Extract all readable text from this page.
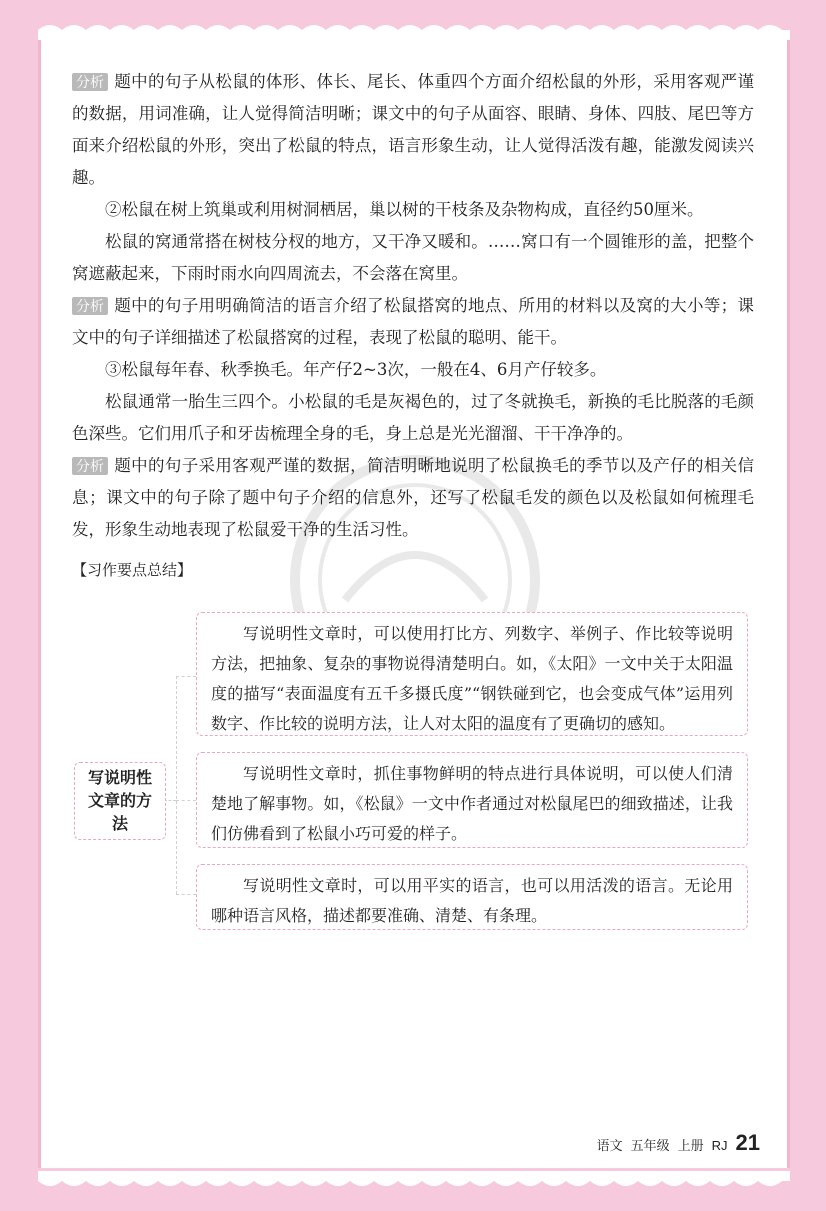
分析 题中的句子从松鼠的体形、体长、尾长、体重四个方面介绍松鼠的外形，采用客观严谨的数据，用词准确，让人觉得简洁明晰；课文中的句子从面容、眼睛、身体、四肢、尾巴等方面来介绍松鼠的外形，突出了松鼠的特点，语言形象生动，让人觉得活泼有趣，能激发阅读兴趣。

②松鼠在树上筑巢或利用树洞栖居，巢以树的干枝条及杂物构成，直径约50厘米。

松鼠的窝通常搭在树枝分杈的地方，又干净又暖和。……窝口有一个圆锥形的盖，把整个窝遮蔽起来，下雨时雨水向四周流去，不会落在窝里。

分析 题中的句子用明确简洁的语言介绍了松鼠搭窝的地点、所用的材料以及窝的大小等；课文中的句子详细描述了松鼠搭窝的过程，表现了松鼠的聪明、能干。

③松鼠每年春、秋季换毛。年产仔2~3次，一般在4、6月产仔较多。

松鼠通常一胎生三四个。小松鼠的毛是灰褐色的，过了冬就换毛，新换的毛比脱落的毛颜色深些。它们用爪子和牙齿梳理全身的毛，身上总是光光溜溜、干干净净的。

分析 题中的句子采用客观严谨的数据，简洁明晰地说明了松鼠换毛的季节以及产仔的相关信息；课文中的句子除了题中句子介绍的信息外，还写了松鼠毛发的颜色以及松鼠如何梳理毛发，形象生动地表现了松鼠爱干净的生活习性。

【习作要点总结】
写说明性文章的方法
写说明性文章时，可以使用打比方、列数字、举例子、作比较等说明方法，把抽象、复杂的事物说得清楚明白。如，《太阳》一文中关于太阳温度的描写“表面温度有五千多摄氏度”“钢铁碰到它，也会变成气体”运用列数字、作比较的说明方法，让人对太阳的温度有了更确切的感知。
写说明性文章时，抓住事物鲜明的特点进行具体说明，可以使人们清楚地了解事物。如，《松鼠》一文中作者通过对松鼠尾巴的细致描述，让我们仿佛看到了松鼠小巧可爱的样子。
写说明性文章时，可以用平实的语言，也可以用活泼的语言。无论用哪种语言风格，描述都要准确、清楚、有条理。
语文 五年级 上册 RJ 21
